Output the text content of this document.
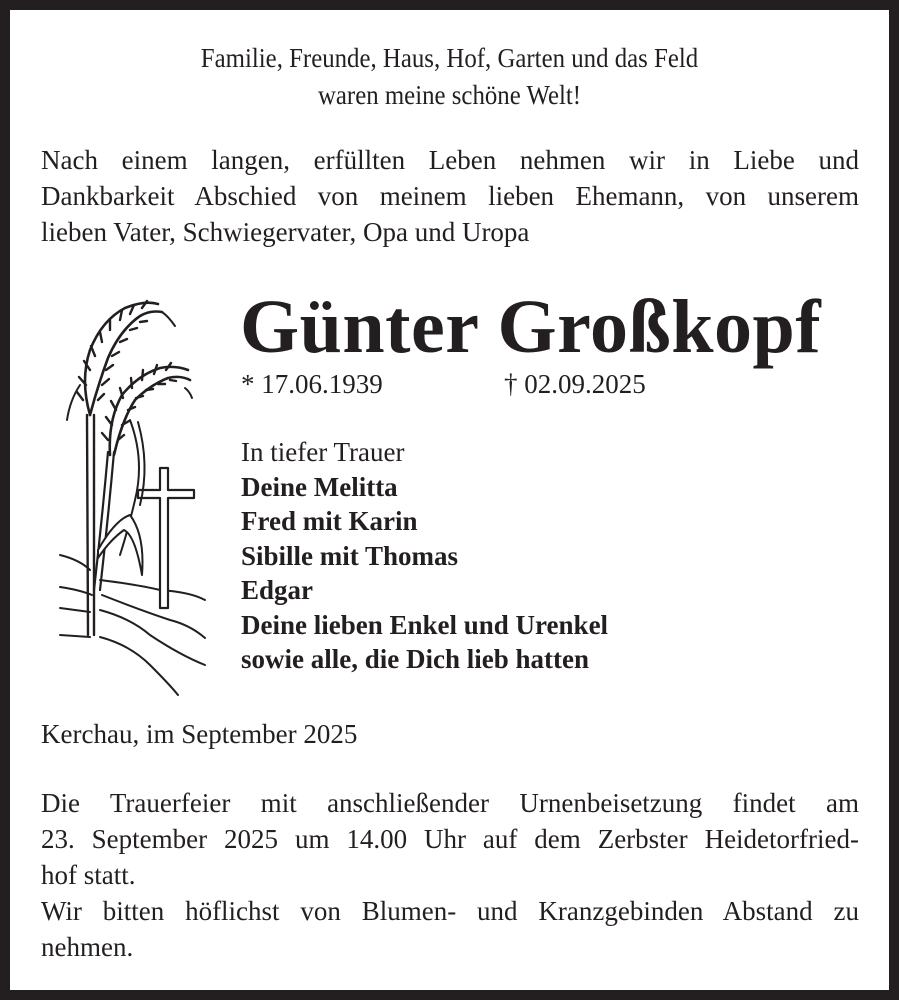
Familie, Freunde, Haus, Hof, Garten und das Feld
waren meine schöne Welt!
Nach einem langen, erfüllten Leben nehmen wir in Liebe und
Dankbarkeit Abschied von meinem lieben Ehemann, von unserem
lieben Vater, Schwiegervater, Opa und Uropa
Günter Großkopf
* 17.06.1939	† 02.09.2025
In tiefer Trauer
Deine Melitta
Fred mit Karin
Sibille mit Thomas
Edgar
Deine lieben Enkel und Urenkel
sowie alle, die Dich lieb hatten
Kerchau, im September 2025
Die Trauerfeier mit anschließender Urnenbeisetzung findet am
23. September 2025 um 14.00 Uhr auf dem Zerbster Heidetorfried-
hof statt.
Wir bitten höflichst von Blumen- und Kranzgebinden Abstand zu
nehmen.
